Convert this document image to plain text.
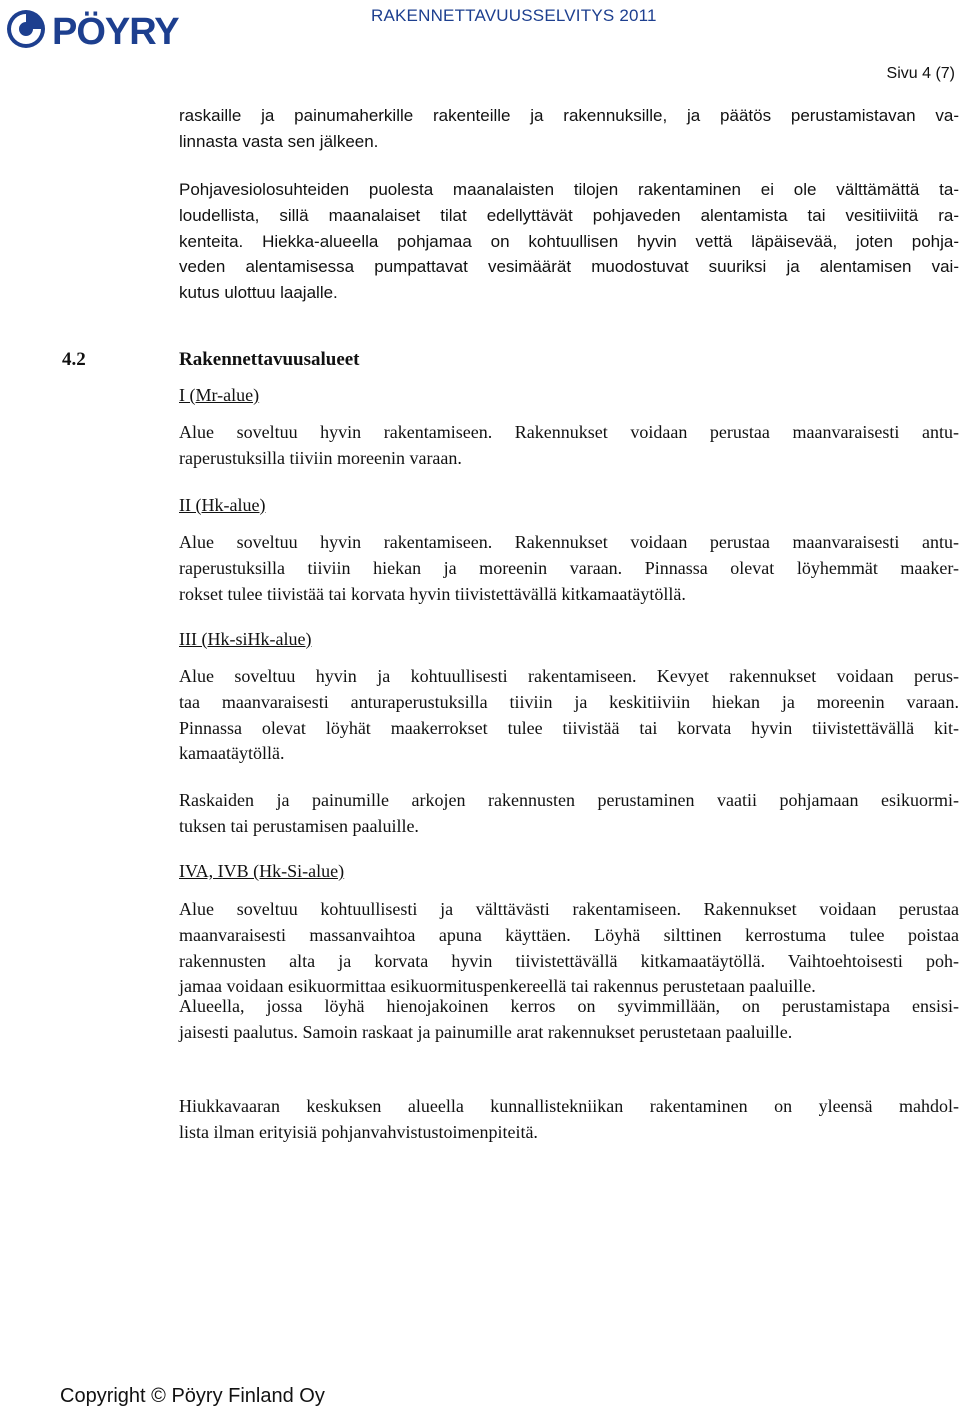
PÖYRY	RAKENNETTAVUUSSELVITYS 2011
Sivu 4 (7)

raskaille ja painumaherkille rakenteille ja rakennuksille, ja päätös perustamistavan va-
linnasta vasta sen jälkeen.

Pohjavesiolosuhteiden puolesta maanalaisten tilojen rakentaminen ei ole välttämättä ta-
loudellista, sillä maanalaiset tilat edellyttävät pohjaveden alentamista tai vesitiiviitä ra-
kenteita. Hiekka-alueella pohjamaa on kohtuullisen hyvin vettä läpäisevää, joten pohja-
veden alentamisessa pumpattavat vesimäärät muodostuvat suuriksi ja alentamisen vai-
kutus ulottuu laajalle.

4.2	Rakennettavuusalueet

I (Mr-alue)

Alue soveltuu hyvin rakentamiseen. Rakennukset voidaan perustaa maanvaraisesti antu-
raperustuksilla tiiviin moreenin varaan.

II (Hk-alue)

Alue soveltuu hyvin rakentamiseen. Rakennukset voidaan perustaa maanvaraisesti antu-
raperustuksilla tiiviin hiekan ja moreenin varaan. Pinnassa olevat löyhemmät maaker-
rokset tulee tiivistää tai korvata hyvin tiivistettävällä kitkamaatäytöllä.

III (Hk-siHk-alue)

Alue soveltuu hyvin ja kohtuullisesti rakentamiseen. Kevyet rakennukset voidaan perus-
taa maanvaraisesti anturaperustuksilla tiiviin ja keskitiiviin hiekan ja moreenin varaan.
Pinnassa olevat löyhät maakerrokset tulee tiivistää tai korvata hyvin tiivistettävällä kit-
kamaatäytöllä.

Raskaiden ja painumille arkojen rakennusten perustaminen vaatii pohjamaan esikuormi-
tuksen tai perustamisen paaluille.

IVA, IVB (Hk-Si-alue)

Alue soveltuu kohtuullisesti ja välttävästi rakentamiseen. Rakennukset voidaan perustaa
maanvaraisesti massanvaihtoa apuna käyttäen. Löyhä silttinen kerrostuma tulee poistaa
rakennusten alta ja korvata hyvin tiivistettävällä kitkamaatäytöllä. Vaihtoehtoisesti poh-
jamaa voidaan esikuormittaa esikuormituspenkereellä tai rakennus perustetaan paaluille.

Alueella, jossa löyhä hienojakoinen kerros on syvimmillään, on perustamistapa ensisi-
jaisesti paalutus. Samoin raskaat ja painumille arat rakennukset perustetaan paaluille.

Hiukkavaaran keskuksen alueella kunnallistekniikan rakentaminen on yleensä mahdol-
lista ilman erityisiä pohjanvahvistustoimenpiteitä.

Copyright © Pöyry Finland Oy
